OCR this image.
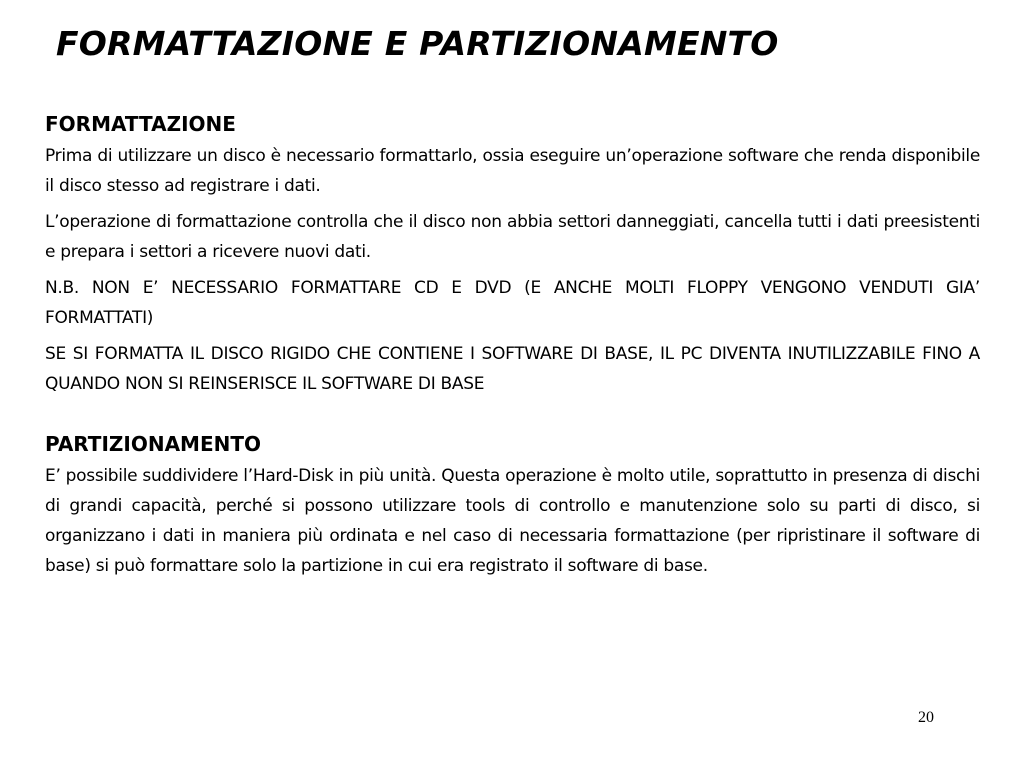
FORMATTAZIONE E PARTIZIONAMENTO
FORMATTAZIONE

Prima di utilizzare un disco è necessario formattarlo, ossia eseguire un’operazione software che renda disponibile il disco stesso ad registrare i dati.

L’operazione di formattazione controlla che il disco non abbia settori danneggiati, cancella tutti i dati preesistenti e prepara i settori a ricevere nuovi dati.

N.B. NON E’ NECESSARIO FORMATTARE CD E DVD (E ANCHE MOLTI FLOPPY VENGONO VENDUTI GIA’ FORMATTATI)

SE SI FORMATTA IL DISCO RIGIDO CHE CONTIENE I SOFTWARE DI BASE, IL PC DIVENTA INUTILIZZABILE FINO A QUANDO NON SI REINSERISCE IL SOFTWARE DI BASE

PARTIZIONAMENTO

E’ possibile suddividere l’Hard-Disk in più unità. Questa operazione è molto utile, soprattutto in presenza di dischi di grandi capacità, perché si possono utilizzare tools di controllo e manutenzione solo su parti di disco, si organizzano i dati in maniera più ordinata e nel caso di necessaria formattazione (per ripristinare il software di base) si può formattare solo la partizione in cui era registrato il software di base.

20
